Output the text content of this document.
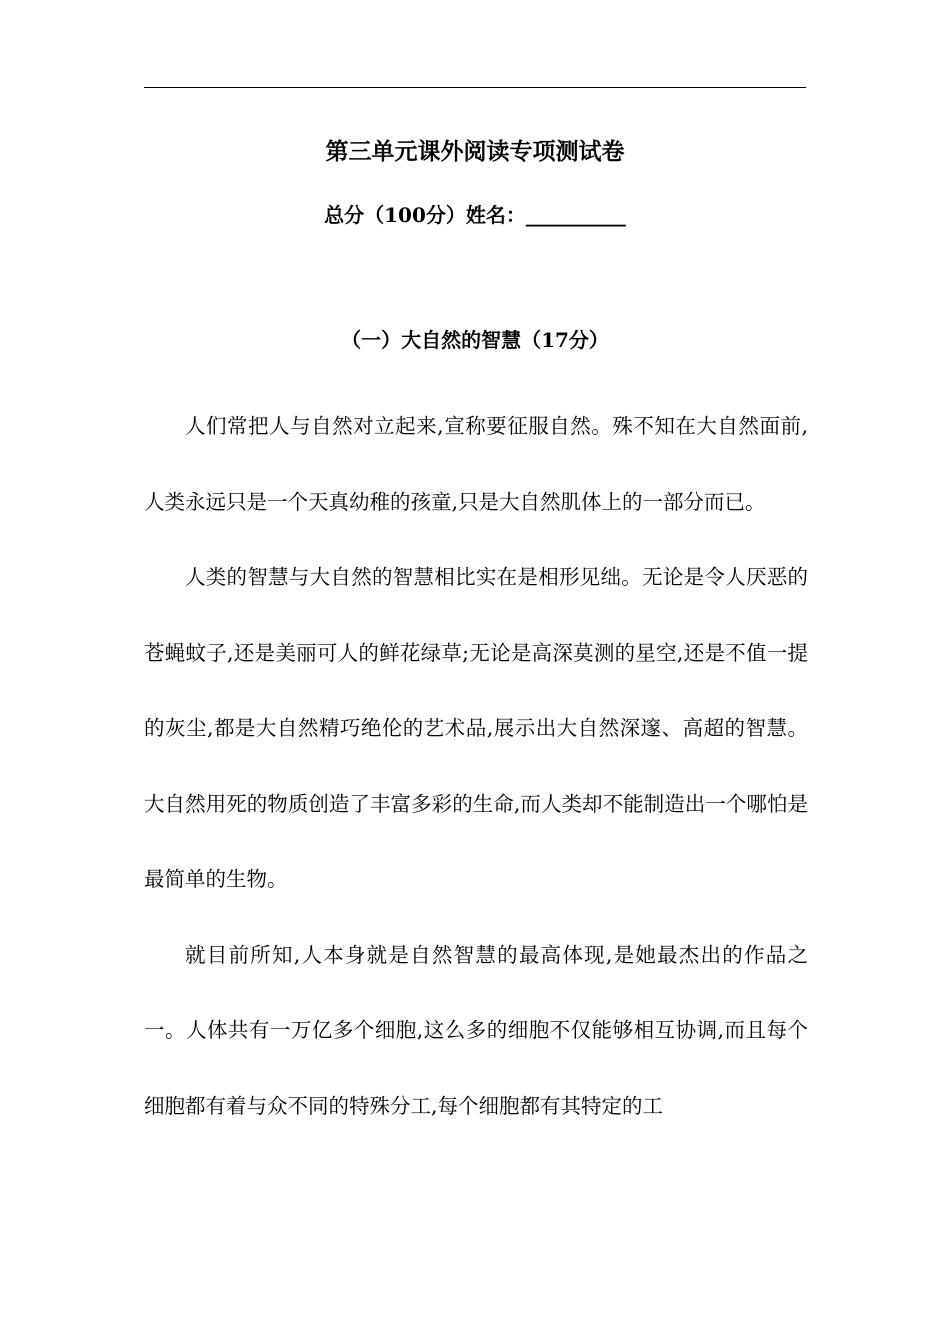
第三单元课外阅读专项测试卷
总分（100分）姓名：__________
（一）大自然的智慧（17分）

人们常把人与自然对立起来,宣称要征服自然。殊不知在大自然面前,人类永远只是一个天真幼稚的孩童,只是大自然肌体上的一部分而已。

人类的智慧与大自然的智慧相比实在是相形见绌。无论是令人厌恶的苍蝇蚊子,还是美丽可人的鲜花绿草;无论是高深莫测的星空,还是不值一提的灰尘,都是大自然精巧绝伦的艺术品,展示出大自然深邃、高超的智慧。大自然用死的物质创造了丰富多彩的生命,而人类却不能制造出一个哪怕是最简单的生物。

就目前所知,人本身就是自然智慧的最高体现,是她最杰出的作品之一。人体共有一万亿多个细胞,这么多的细胞不仅能够相互协调,而且每个细胞都有着与众不同的特殊分工,每个细胞都有其特定的工
